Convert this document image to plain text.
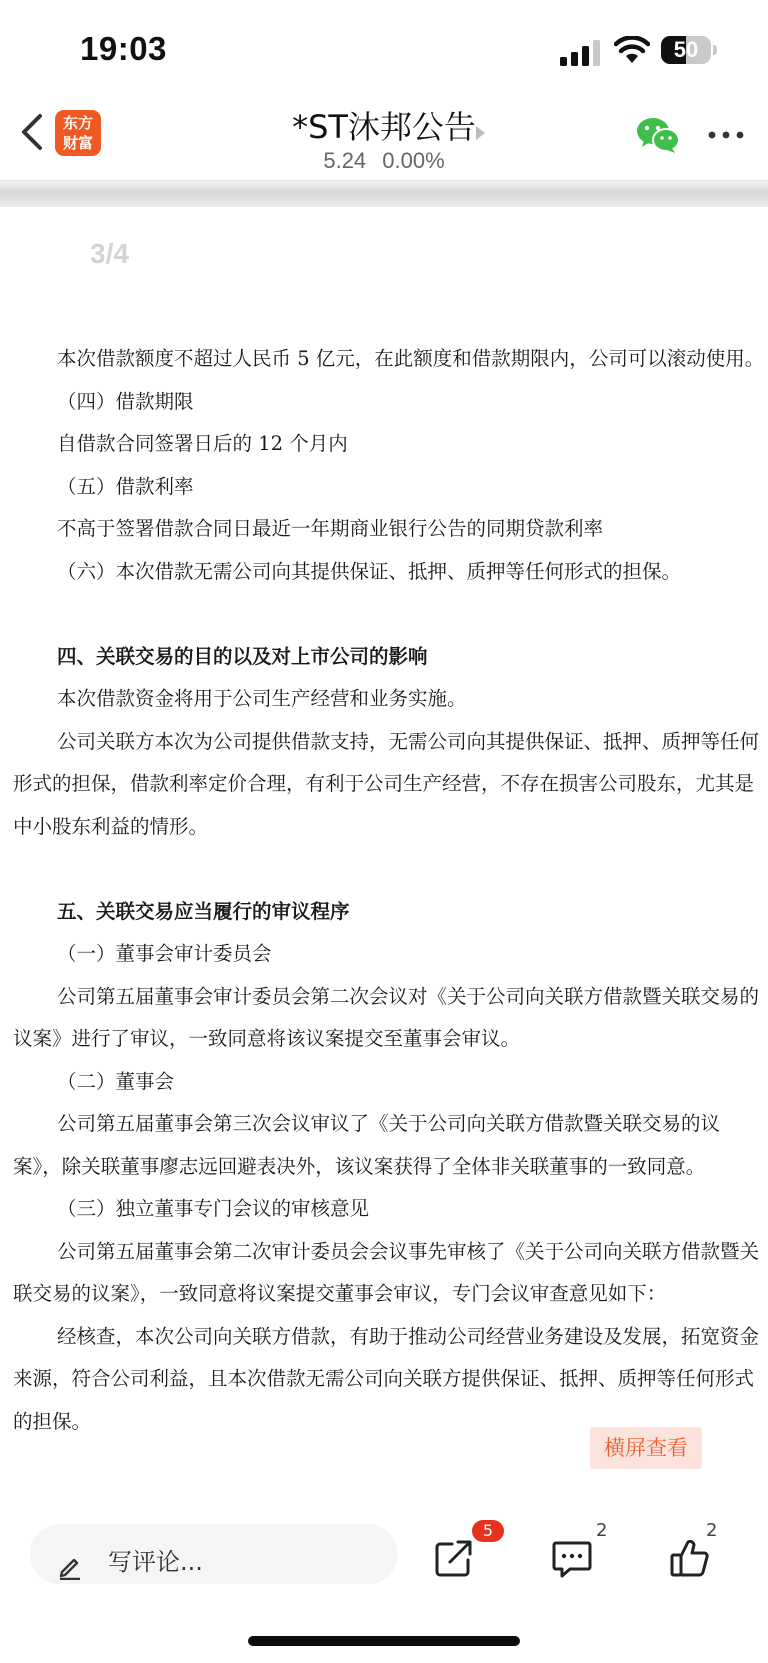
19:03	50
东方
财富	*ST沐邦公告
5.24 0.00%
3/4

本次借款额度不超过人民币 5 亿元，在此额度和借款期限内，公司可以滚动使用。

（四）借款期限

自借款合同签署日后的 12 个月内

（五）借款利率

不高于签署借款合同日最近一年期商业银行公告的同期贷款利率

（六）本次借款无需公司向其提供保证、抵押、质押等任何形式的担保。

四、关联交易的目的以及对上市公司的影响

本次借款资金将用于公司生产经营和业务实施。

公司关联方本次为公司提供借款支持，无需公司向其提供保证、抵押、质押等任何形式的担保，借款利率定价合理，有利于公司生产经营，不存在损害公司股东，尤其是中小股东利益的情形。

五、关联交易应当履行的审议程序

（一）董事会审计委员会

公司第五届董事会审计委员会第二次会议对《关于公司向关联方借款暨关联交易的议案》进行了审议，一致同意将该议案提交至董事会审议。

（二）董事会

公司第五届董事会第三次会议审议了《关于公司向关联方借款暨关联交易的议案》，除关联董事廖志远回避表决外，该议案获得了全体非关联董事的一致同意。

（三）独立董事专门会议的审核意见

公司第五届董事会第二次审计委员会会议事先审核了《关于公司向关联方借款暨关联交易的议案》，一致同意将议案提交董事会审议，专门会议审查意见如下：

经核查，本次公司向关联方借款，有助于推动公司经营业务建设及发展，拓宽资金来源，符合公司利益，且本次借款无需公司向关联方提供保证、抵押、质押等任何形式的担保。

横屏查看
写评论...
5	2	2
